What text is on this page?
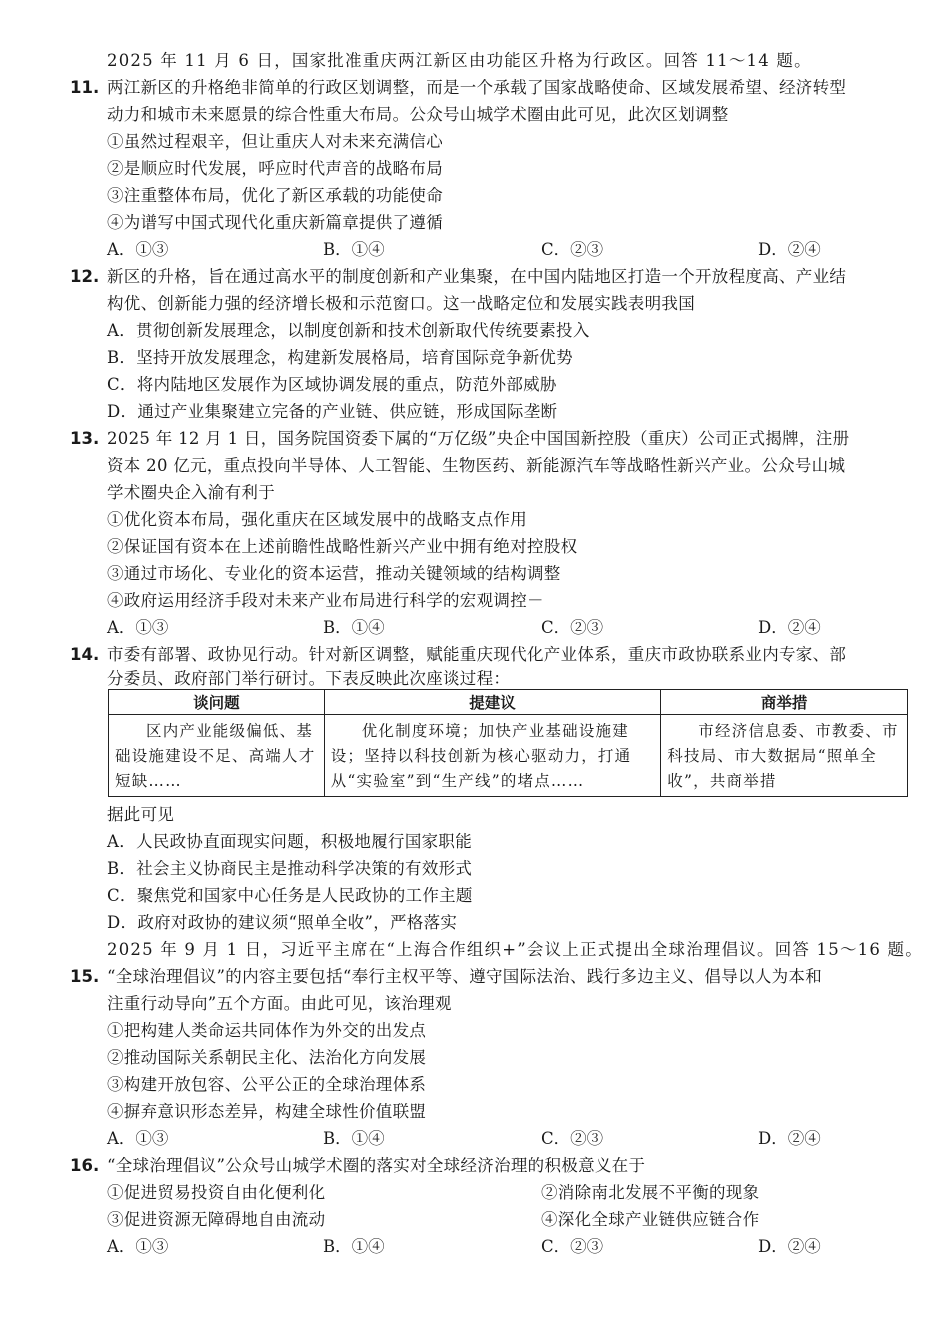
2025 年 11 月 6 日，国家批准重庆两江新区由功能区升格为行政区。回答 11～14 题。
11. 两江新区的升格绝非简单的行政区划调整，而是一个承载了国家战略使命、区域发展希望、经济转型
动力和城市未来愿景的综合性重大布局。公众号山城学术圈由此可见，此次区划调整
①虽然过程艰辛，但让重庆人对未来充满信心
②是顺应时代发展，呼应时代声音的战略布局
③注重整体布局，优化了新区承载的功能使命
④为谱写中国式现代化重庆新篇章提供了遵循
A．①③	B．①④	C．②③	D．②④
12. 新区的升格，旨在通过高水平的制度创新和产业集聚，在中国内陆地区打造一个开放程度高、产业结
构优、创新能力强的经济增长极和示范窗口。这一战略定位和发展实践表明我国
A．贯彻创新发展理念，以制度创新和技术创新取代传统要素投入
B．坚持开放发展理念，构建新发展格局，培育国际竞争新优势
C．将内陆地区发展作为区域协调发展的重点，防范外部威胁
D．通过产业集聚建立完备的产业链、供应链，形成国际垄断
13. 2025 年 12 月 1 日，国务院国资委下属的“万亿级”央企中国国新控股（重庆）公司正式揭牌，注册
资本 20 亿元，重点投向半导体、人工智能、生物医药、新能源汽车等战略性新兴产业。公众号山城
学术圈央企入渝有利于
①优化资本布局，强化重庆在区域发展中的战略支点作用
②保证国有资本在上述前瞻性战略性新兴产业中拥有绝对控股权
③通过市场化、专业化的资本运营，推动关键领域的结构调整
④政府运用经济手段对未来产业布局进行科学的宏观调控－
A．①③	B．①④	C．②③	D．②④
14. 市委有部署、政协见行动。针对新区调整，赋能重庆现代化产业体系，重庆市政协联系业内专家、部
分委员、政府部门举行研讨。下表反映此次座谈过程：
谈问题	提建议	商举措
区内产业能级偏低、基础设施建设不足、高端人才短缺……	优化制度环境；加快产业基础设施建设；坚持以科技创新为核心驱动力，打通从“实验室”到“生产线”的堵点……	市经济信息委、市教委、市科技局、市大数据局“照单全收”，共商举措
据此可见
A．人民政协直面现实问题，积极地履行国家职能
B．社会主义协商民主是推动科学决策的有效形式
C．聚焦党和国家中心任务是人民政协的工作主题
D．政府对政协的建议须“照单全收”，严格落实
2025 年 9 月 1 日，习近平主席在“上海合作组织+”会议上正式提出全球治理倡议。回答 15～16 题。
15. “全球治理倡议”的内容主要包括“奉行主权平等、遵守国际法治、践行多边主义、倡导以人为本和
注重行动导向”五个方面。由此可见，该治理观
①把构建人类命运共同体作为外交的出发点
②推动国际关系朝民主化、法治化方向发展
③构建开放包容、公平公正的全球治理体系
④摒弃意识形态差异，构建全球性价值联盟
A．①③	B．①④	C．②③	D．②④
16. “全球治理倡议”公众号山城学术圈的落实对全球经济治理的积极意义在于
①促进贸易投资自由化便利化	②消除南北发展不平衡的现象
③促进资源无障碍地自由流动	④深化全球产业链供应链合作
A．①③	B．①④	C．②③	D．②④
